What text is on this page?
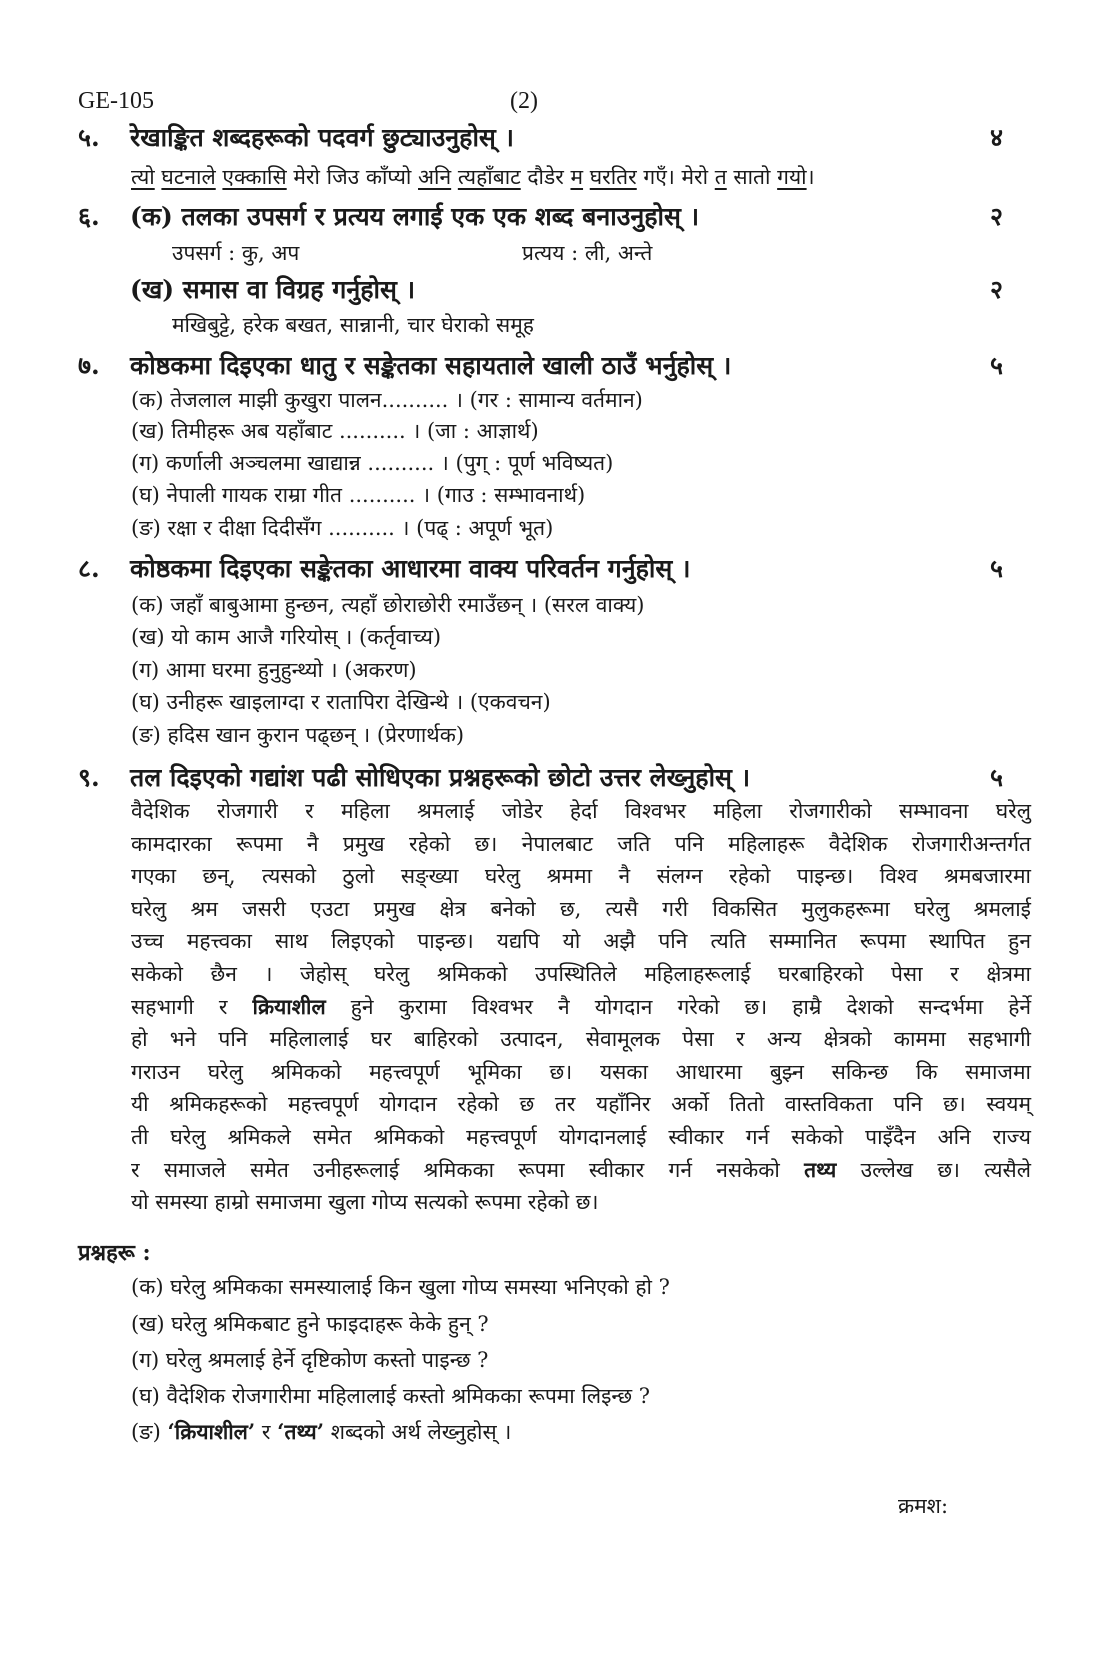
GE-105	(2)
५.	रेखाङ्कित शब्दहरूको पदवर्ग छुट्याउनुहोस् ।	४
त्यो घटनाले एक्कासि मेरो जिउ काँप्यो अनि त्यहाँबाट दौडेर म घरतिर गएँ। मेरो त सातो गयो।
६.	(क) तलका उपसर्ग र प्रत्यय लगाई एक एक शब्द बनाउनुहोस् ।	२
उपसर्ग : कु, अप	प्रत्यय : ली, अन्ते
(ख) समास वा विग्रह गर्नुहोस् ।	२
मखिबुट्टे, हरेक बखत, सान्नानी, चार घेराको समूह
७.	कोष्ठकमा दिइएका धातु र सङ्केतका सहायताले खाली ठाउँ भर्नुहोस् ।	५
(क) तेजलाल माझी कुखुरा पालन.......... । (गर : सामान्य वर्तमान)
(ख) तिमीहरू अब यहाँबाट .......... । (जा : आज्ञार्थ)
(ग) कर्णाली अञ्चलमा खाद्यान्न .......... । (पुग् : पूर्ण भविष्यत)
(घ) नेपाली गायक राम्रा गीत .......... । (गाउ : सम्भावनार्थ)
(ङ) रक्षा र दीक्षा दिदीसँग .......... । (पढ् : अपूर्ण भूत)
८.	कोष्ठकमा दिइएका सङ्केतका आधारमा वाक्य परिवर्तन गर्नुहोस् ।	५
(क) जहाँ बाबुआमा हुन्छन, त्यहाँ छोराछोरी रमाउँछन् । (सरल वाक्य)
(ख) यो काम आजै गरियोस् । (कर्तृवाच्य)
(ग) आमा घरमा हुनुहुन्थ्यो । (अकरण)
(घ) उनीहरू खाइलाग्दा र रातापिरा देखिन्थे । (एकवचन)
(ङ) हदिस खान कुरान पढ्छन् । (प्रेरणार्थक)
९.	तल दिइएको गद्यांश पढी सोधिएका प्रश्नहरूको छोटो उत्तर लेख्नुहोस् ।	५
वैदेशिक रोजगारी र महिला श्रमलाई जोडेर हेर्दा विश्वभर महिला रोजगारीको सम्भावना घरेलु
कामदारका रूपमा नै प्रमुख रहेको छ। नेपालबाट जति पनि महिलाहरू वैदेशिक रोजगारीअन्तर्गत
गएका छन्, त्यसको ठुलो सङ्ख्या घरेलु श्रममा नै संलग्न रहेको पाइन्छ। विश्व श्रमबजारमा
घरेलु श्रम जसरी एउटा प्रमुख क्षेत्र बनेको छ, त्यसै गरी विकसित मुलुकहरूमा घरेलु श्रमलाई
उच्च महत्त्वका साथ लिइएको पाइन्छ। यद्यपि यो अझै पनि त्यति सम्मानित रूपमा स्थापित हुन
सकेको छैन । जेहोस् घरेलु श्रमिकको उपस्थितिले महिलाहरूलाई घरबाहिरको पेसा र क्षेत्रमा
सहभागी र क्रियाशील हुने कुरामा विश्वभर नै योगदान गरेको छ। हाम्रै देशको सन्दर्भमा हेर्ने
हो भने पनि महिलालाई घर बाहिरको उत्पादन, सेवामूलक पेसा र अन्य क्षेत्रको काममा सहभागी
गराउन घरेलु श्रमिकको महत्त्वपूर्ण भूमिका छ। यसका आधारमा बुझ्न सकिन्छ कि समाजमा
यी श्रमिकहरूको महत्त्वपूर्ण योगदान रहेको छ तर यहाँनिर अर्को तितो वास्तविकता पनि छ। स्वयम्
ती घरेलु श्रमिकले समेत श्रमिकको महत्त्वपूर्ण योगदानलाई स्वीकार गर्न सकेको पाइँदैन अनि राज्य
र समाजले समेत उनीहरूलाई श्रमिकका रूपमा स्वीकार गर्न नसकेको तथ्य उल्लेख छ। त्यसैले
यो समस्या हाम्रो समाजमा खुला गोप्य सत्यको रूपमा रहेको छ।
प्रश्नहरू :
(क) घरेलु श्रमिकका समस्यालाई किन खुला गोप्य समस्या भनिएको हो ?
(ख) घरेलु श्रमिकबाट हुने फाइदाहरू केके हुन् ?
(ग) घरेलु श्रमलाई हेर्ने दृष्टिकोण कस्तो पाइन्छ ?
(घ) वैदेशिक रोजगारीमा महिलालाई कस्तो श्रमिकका रूपमा लिइन्छ ?
(ङ) ‘क्रियाशील’ र ‘तथ्य’ शब्दको अर्थ लेख्नुहोस् ।
क्रमश:
